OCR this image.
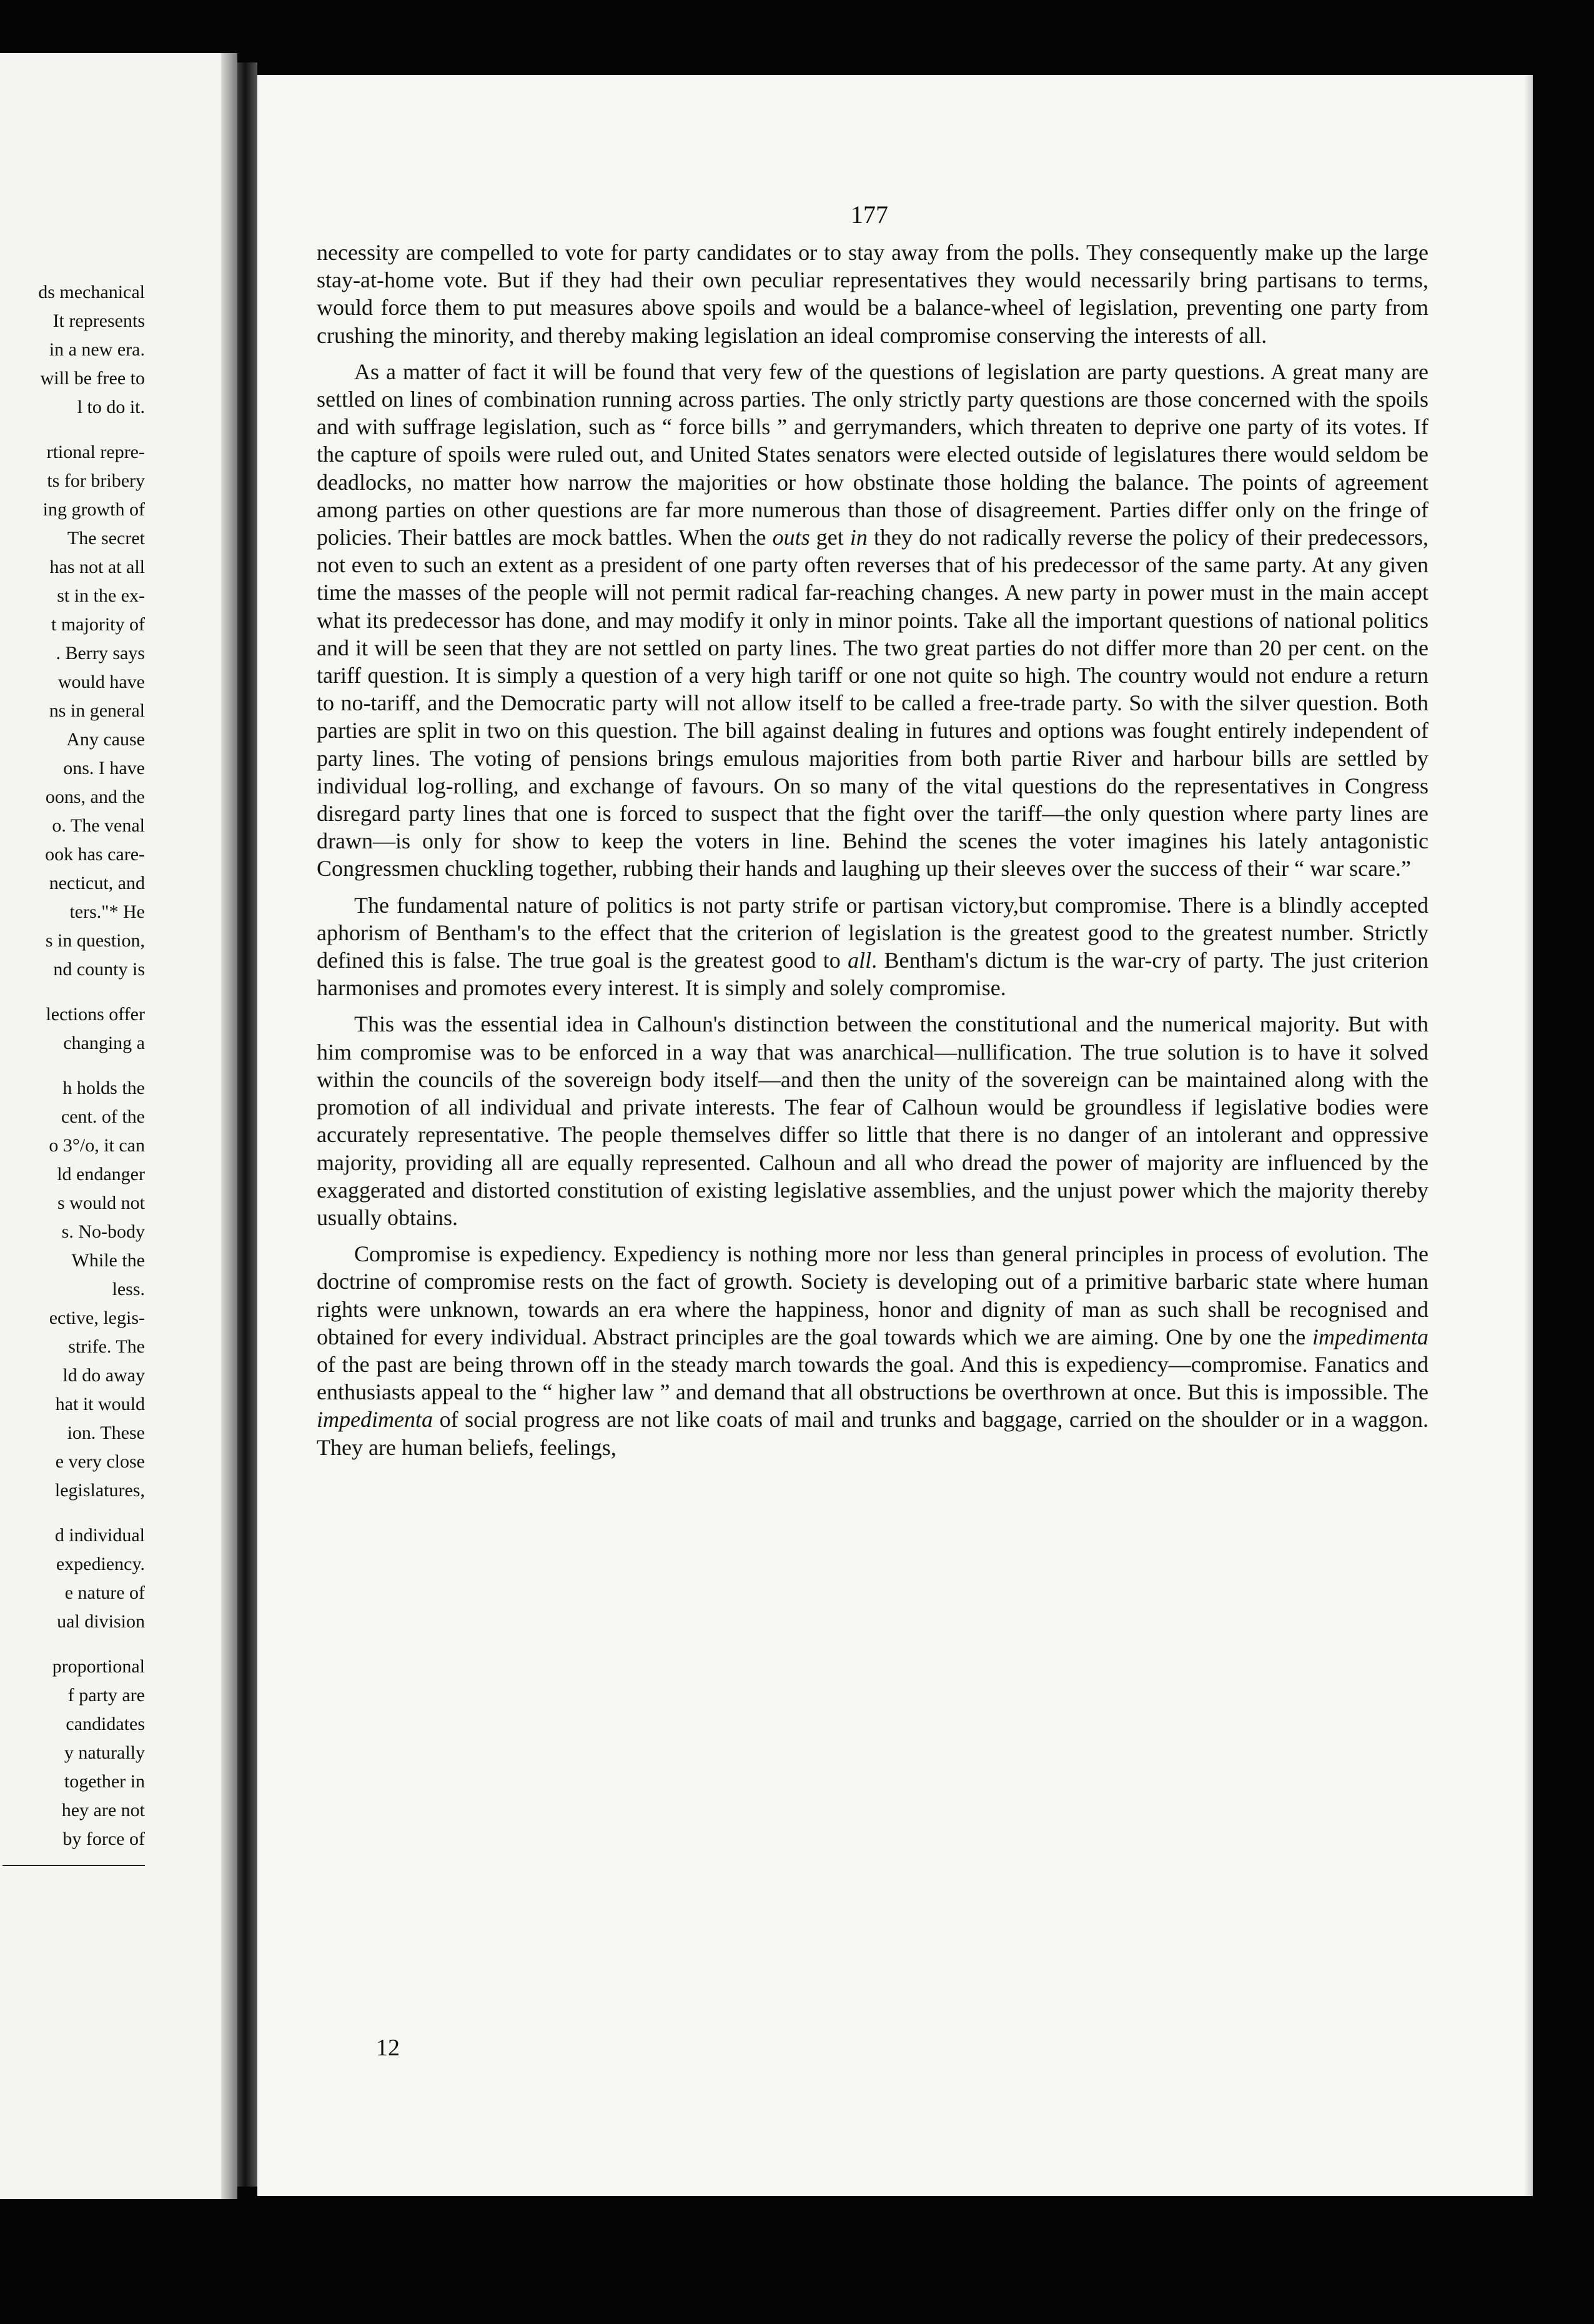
ds mechanical
It represents
in a new era.
will be free to
l to do it.
rtional repre-
ts for bribery
ing growth of
The secret
has not at all
st in the ex-
t majority of
. Berry says
would have
ns in general
Any cause
ons. I have
oons, and the
o. The venal
ook has care-
necticut, and
ters."* He
s in question,
nd county is
lections offer
changing a
h holds the
cent. of the
o 3°/o, it can
ld endanger
s would not
s. No-body
While the
less.
ective, legis-
strife. The
ld do away
hat it would
ion. These
e very close
legislatures,
d individual
expediency.
e nature of
ual division
proportional
f party are
candidates
y naturally
together in
hey are not
by force of
177

necessity are compelled to vote for party candidates or to stay away from the polls. They consequently make up the large stay-at-home vote. But if they had their own peculiar representatives they would necessarily bring partisans to terms, would force them to put measures above spoils and would be a balance-wheel of legislation, preventing one party from crushing the minority, and thereby making legislation an ideal compromise conserving the interests of all.

As a matter of fact it will be found that very few of the questions of legislation are party questions. A great many are settled on lines of combination running across parties. The only strictly party questions are those concerned with the spoils and with suffrage legislation, such as “ force bills ” and gerrymanders, which threaten to deprive one party of its votes. If the capture of spoils were ruled out, and United States senators were elected outside of legislatures there would seldom be deadlocks, no matter how narrow the majorities or how obstinate those holding the balance. The points of agreement among parties on other questions are far more numerous than those of disagreement. Parties differ only on the fringe of policies. Their battles are mock battles. When the outs get in they do not radically reverse the policy of their predecessors, not even to such an extent as a president of one party often reverses that of his predecessor of the same party. At any given time the masses of the people will not permit radical far-reaching changes. A new party in power must in the main accept what its predecessor has done, and may modify it only in minor points. Take all the important questions of national politics and it will be seen that they are not settled on party lines. The two great parties do not differ more than 20 per cent. on the tariff question. It is simply a question of a very high tariff or one not quite so high. The country would not endure a return to no-tariff, and the Democratic party will not allow itself to be called a free-trade party. So with the silver question. Both parties are split in two on this question. The bill against dealing in futures and options was fought entirely independent of party lines. The voting of pensions brings emulous majorities from both partie River and harbour bills are settled by individual log-rolling, and exchange of favours. On so many of the vital questions do the representatives in Congress disregard party lines that one is forced to suspect that the fight over the tariff—the only question where party lines are drawn—is only for show to keep the voters in line. Behind the scenes the voter imagines his lately antagonistic Congressmen chuckling together, rubbing their hands and laughing up their sleeves over the success of their “ war scare.”

The fundamental nature of politics is not party strife or partisan victory,but compromise. There is a blindly accepted aphorism of Bentham's to the effect that the criterion of legislation is the greatest good to the greatest number. Strictly defined this is false. The true goal is the greatest good to all. Bentham's dictum is the war-cry of party. The just criterion harmonises and promotes every interest. It is simply and solely compromise.

This was the essential idea in Calhoun's distinction between the constitutional and the numerical majority. But with him compromise was to be enforced in a way that was anarchical—nullification. The true solution is to have it solved within the councils of the sovereign body itself—and then the unity of the sovereign can be maintained along with the promotion of all individual and private interests. The fear of Calhoun would be groundless if legislative bodies were accurately representative. The people themselves differ so little that there is no danger of an intolerant and oppressive majority, providing all are equally represented. Calhoun and all who dread the power of majority are influenced by the exaggerated and distorted constitution of existing legislative assemblies, and the unjust power which the majority thereby usually obtains.

Compromise is expediency. Expediency is nothing more nor less than general principles in process of evolution. The doctrine of compromise rests on the fact of growth. Society is developing out of a primitive barbaric state where human rights were unknown, towards an era where the happiness, honor and dignity of man as such shall be recognised and obtained for every individual. Abstract principles are the goal towards which we are aiming. One by one the impedimenta of the past are being thrown off in the steady march towards the goal. And this is expediency—compromise. Fanatics and enthusiasts appeal to the “ higher law ” and demand that all obstructions be overthrown at once. But this is impossible. The impedimenta of social progress are not like coats of mail and trunks and baggage, carried on the shoulder or in a waggon. They are human beliefs, feelings,

12
